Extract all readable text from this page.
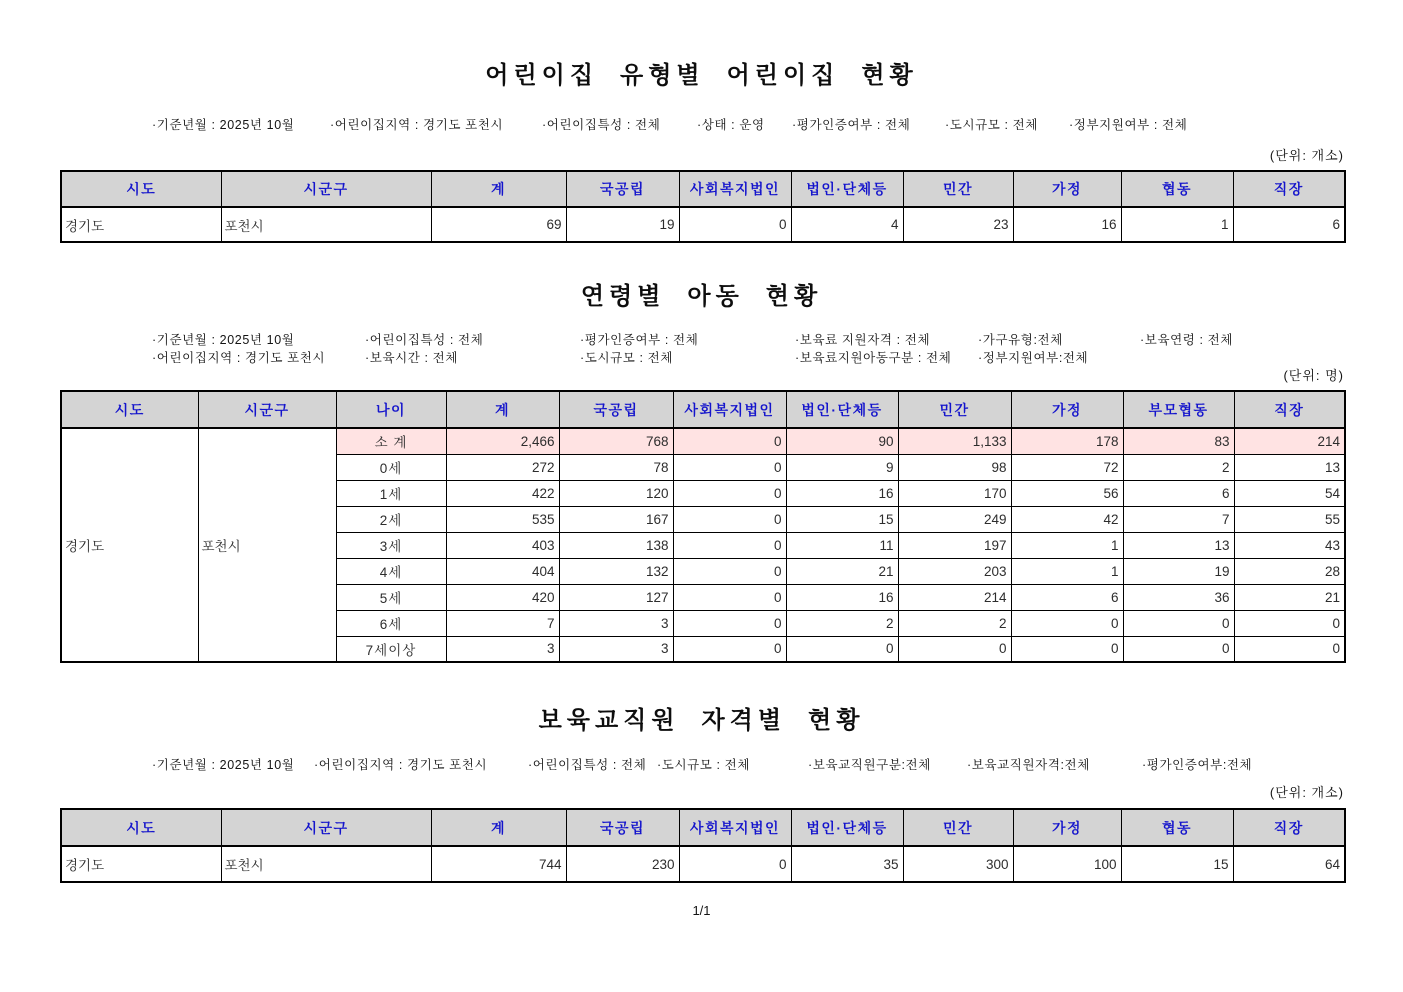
어린이집 유형별 어린이집 현황
·기준년월 : 2025년 10월	·어린이집지역 : 경기도 포천시	·어린이집특성 : 전체	·상태 : 운영 ·평가인증여부 : 전체	·도시규모 : 전체 ·정부지원여부 : 전체
(단위: 개소)
시도	시군구	계	국공립	사회복지법인	법인·단체등	민간	가정	협동	직장
경기도	포천시	69	19	0	4	23	16	1	6
연령별 아동 현황
·기준년월 : 2025년 10월	·어린이집특성 : 전체	·평가인증여부 : 전체	·보육료 지원자격 : 전체	·가구유형:전체	·보육연령 : 전체
·어린이집지역 : 경기도 포천시	·보육시간 : 전체	·도시규모 : 전체	·보육료지원아동구분 : 전체 ·정부지원여부:전체
(단위: 명)
시도	시군구	나이	계	국공립	사회복지법인	법인·단체등	민간	가정	부모협동	직장
경기도	포천시	소 계	2,466	768	0	90	1,133	178	83	214
		0세	272	78	0	9	98	72	2	13
		1세	422	120	0	16	170	56	6	54
		2세	535	167	0	15	249	42	7	55
		3세	403	138	0	11	197	1	13	43
		4세	404	132	0	21	203	1	19	28
		5세	420	127	0	16	214	6	36	21
		6세	7	3	0	2	2	0	0	0
		7세이상	3	3	0	0	0	0	0	0
보육교직원 자격별 현황
·기준년월 : 2025년 10월 ·어린이집지역 : 경기도 포천시	·어린이집특성 : 전체 ·도시규모 : 전체	·보육교직원구분:전체	·보육교직원자격:전체	·평가인증여부:전체
(단위: 개소)
시도	시군구	계	국공립	사회복지법인	법인·단체등	민간	가정	협동	직장
경기도	포천시	744	230	0	35	300	100	15	64
1/1
